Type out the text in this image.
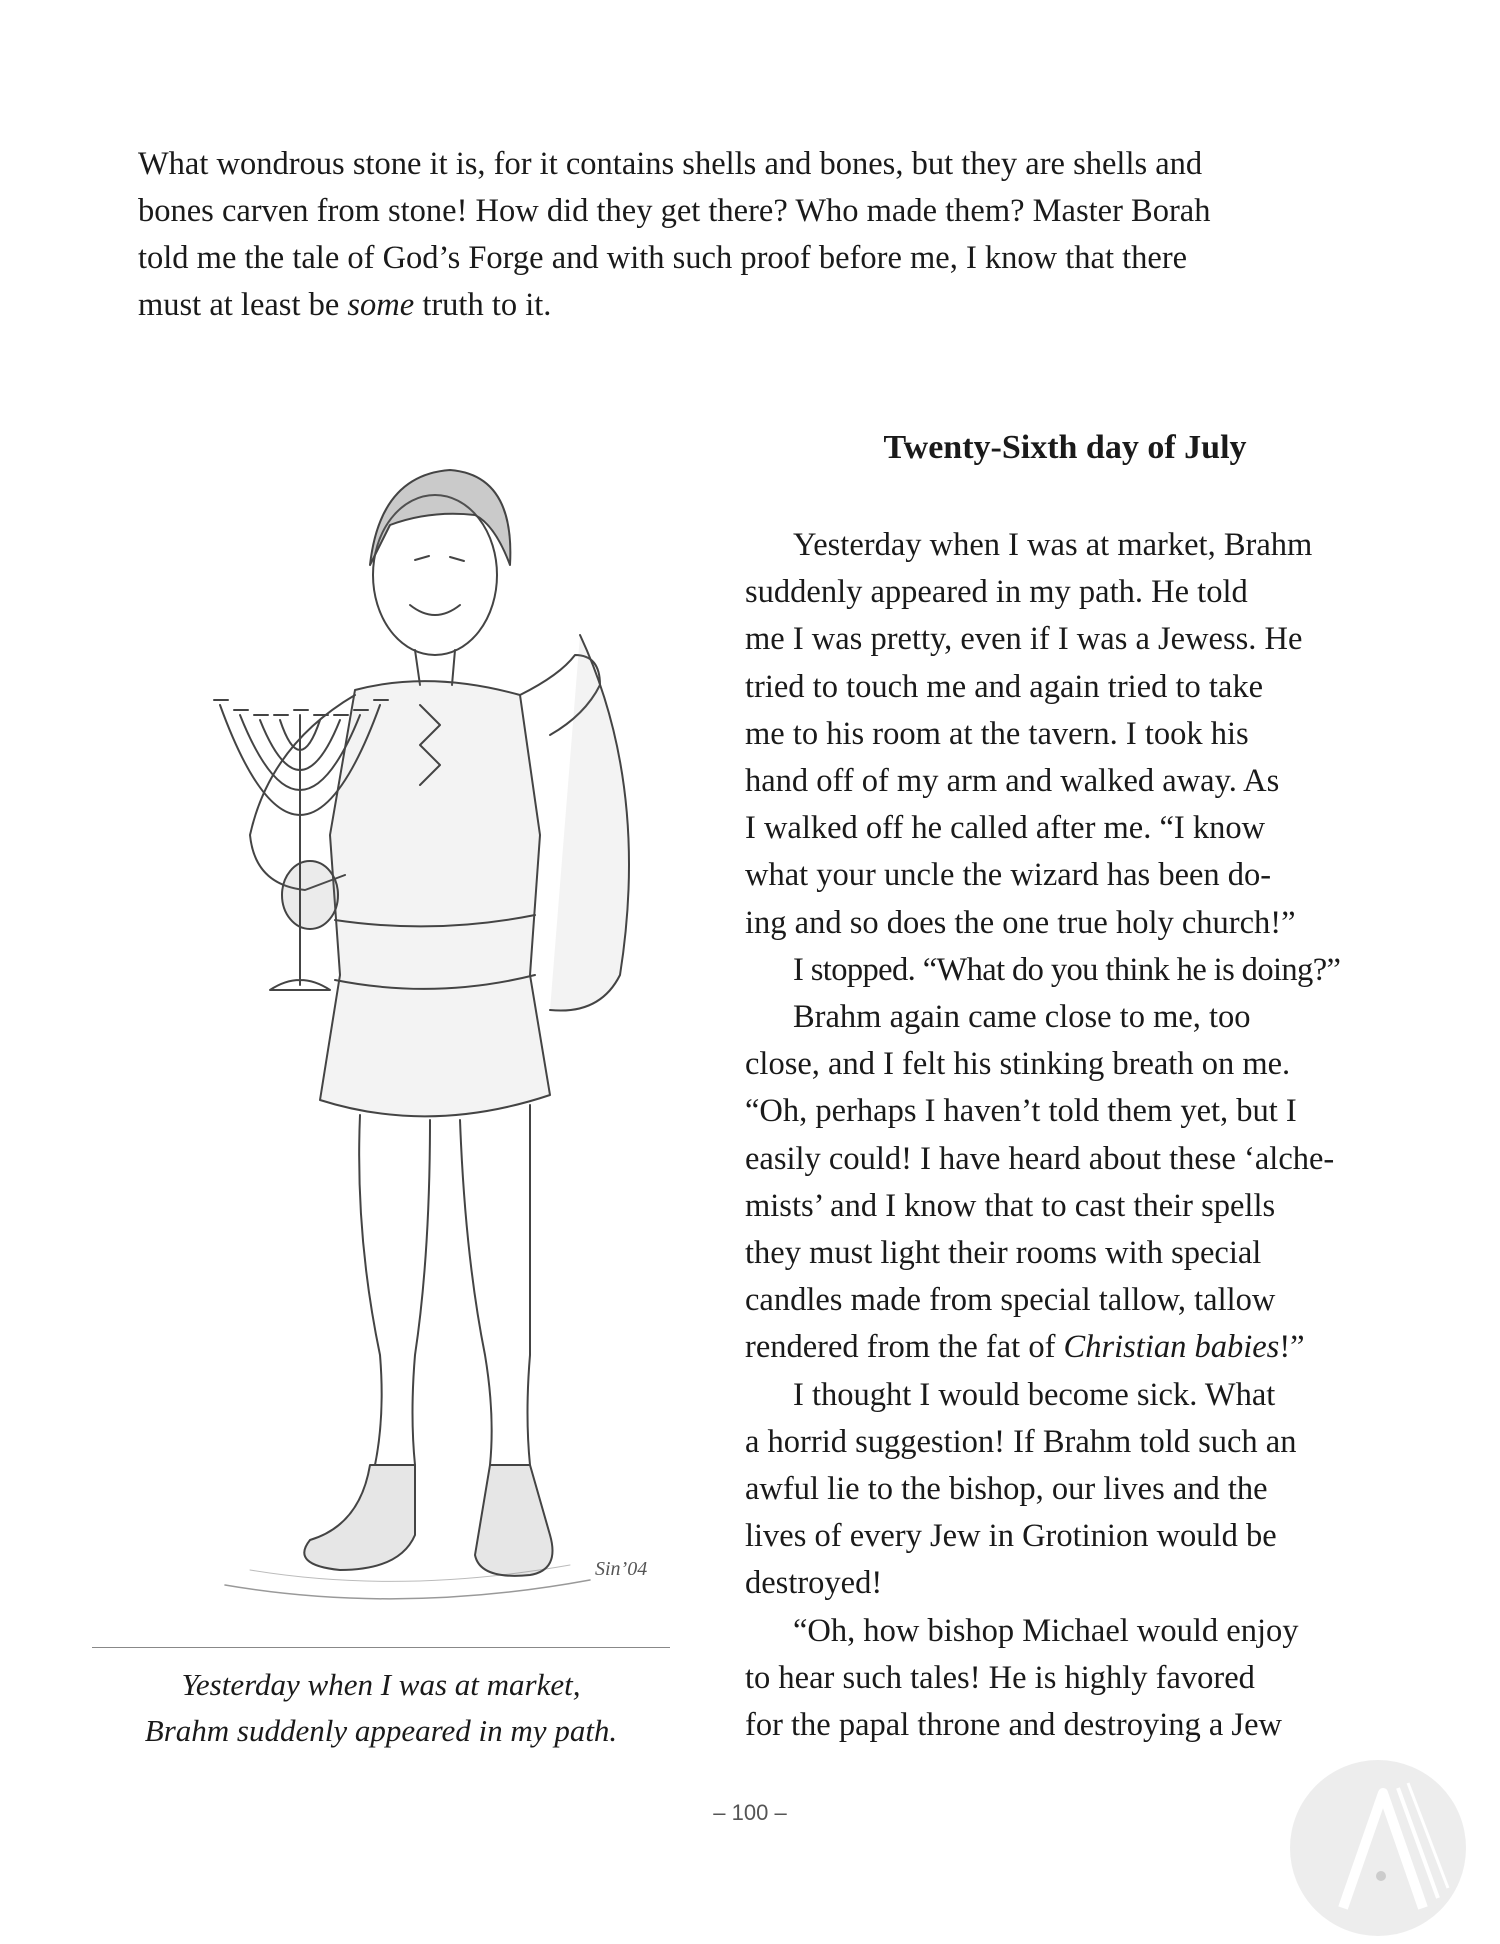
What wondrous stone it is, for it contains shells and bones, but they are shells and
bones carven from stone! How did they get there? Who made them? Master Borah
told me the tale of God’s Forge and with such proof before me, I know that there
must at least be some truth to it.

Sin’04

Yesterday when I was at market,
Brahm suddenly appeared in my path.

Twenty-Sixth day of July
Yesterday when I was at market, Brahm
suddenly appeared in my path. He told
me I was pretty, even if I was a Jewess. He
tried to touch me and again tried to take
me to his room at the tavern. I took his
hand off of my arm and walked away. As
I walked off he called after me. “I know
what your uncle the wizard has been do-
ing and so does the one true holy church!”
I stopped. “What do you think he is doing?”
Brahm again came close to me, too
close, and I felt his stinking breath on me.
“Oh, perhaps I haven’t told them yet, but I
easily could! I have heard about these ‘alche-
mists’ and I know that to cast their spells
they must light their rooms with special
candles made from special tallow, tallow
rendered from the fat of Christian babies!”
I thought I would become sick. What
a horrid suggestion! If Brahm told such an
awful lie to the bishop, our lives and the
lives of every Jew in Grotinion would be
destroyed!
“Oh, how bishop Michael would enjoy
to hear such tales! He is highly favored
for the papal throne and destroying a Jew
– 100 –
